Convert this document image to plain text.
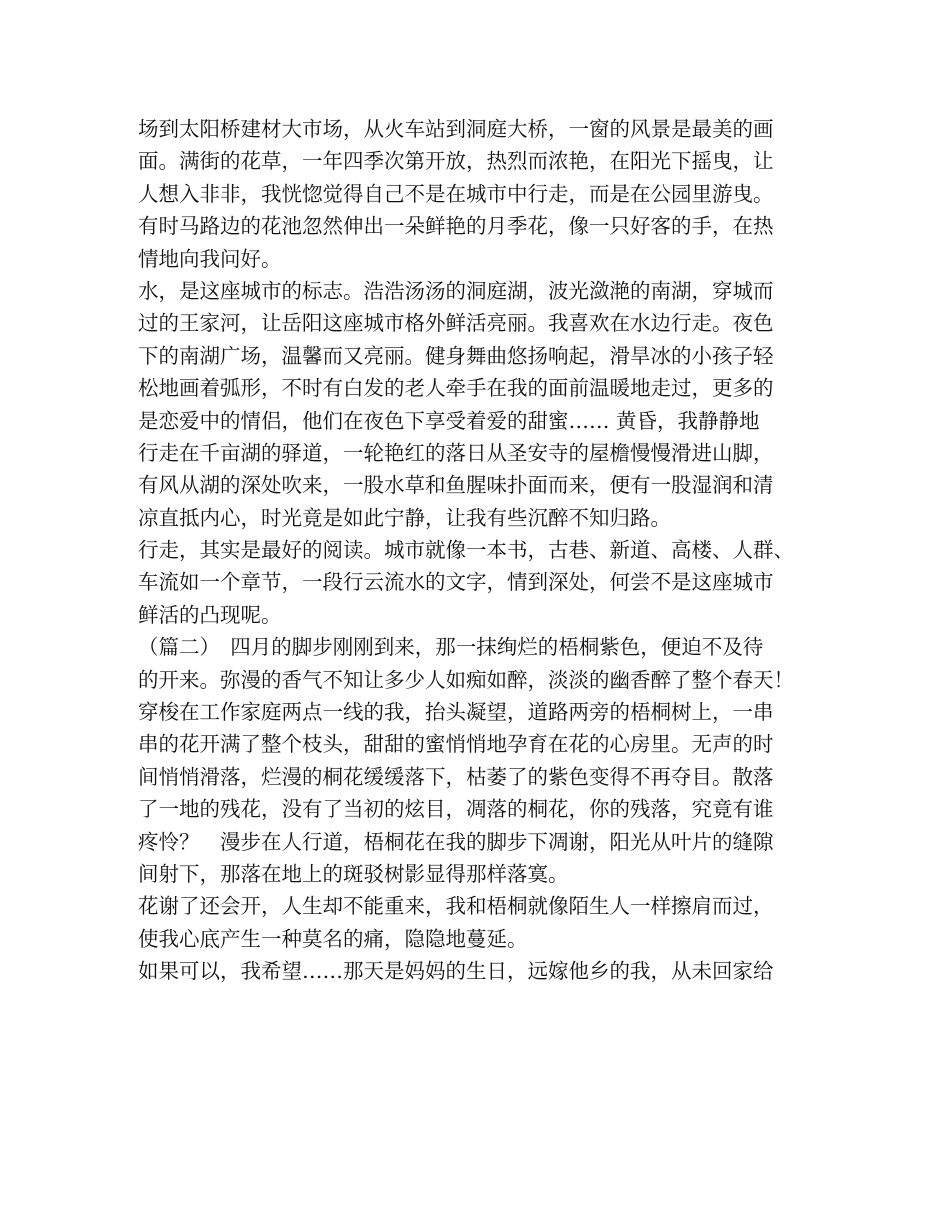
场到太阳桥建材大市场，从火车站到洞庭大桥，一窗的风景是最美的画
面。满街的花草，一年四季次第开放，热烈而浓艳，在阳光下摇曳，让
人想入非非，我恍惚觉得自己不是在城市中行走，而是在公园里游曳。
有时马路边的花池忽然伸出一朵鲜艳的月季花，像一只好客的手，在热
情地向我问好。
水，是这座城市的标志。浩浩汤汤的洞庭湖，波光潋滟的南湖，穿城而
过的王家河，让岳阳这座城市格外鲜活亮丽。我喜欢在水边行走。夜色
下的南湖广场，温馨而又亮丽。健身舞曲悠扬响起，滑旱冰的小孩子轻
松地画着弧形，不时有白发的老人牵手在我的面前温暖地走过，更多的
是恋爱中的情侣，他们在夜色下享受着爱的甜蜜…… 黄昏，我静静地
行走在千亩湖的驿道，一轮艳红的落日从圣安寺的屋檐慢慢滑进山脚，
有风从湖的深处吹来，一股水草和鱼腥味扑面而来，便有一股湿润和清
凉直抵内心，时光竟是如此宁静，让我有些沉醉不知归路。
行走，其实是最好的阅读。城市就像一本书，古巷、新道、高楼、人群、
车流如一个章节，一段行云流水的文字，情到深处，何尝不是这座城市
鲜活的凸现呢。
（篇二）　四月的脚步刚刚到来，那一抹绚烂的梧桐紫色，便迫不及待
的开来。弥漫的香气不知让多少人如痴如醉，淡淡的幽香醉了整个春天！
穿梭在工作家庭两点一线的我，抬头凝望，道路两旁的梧桐树上，一串
串的花开满了整个枝头，甜甜的蜜悄悄地孕育在花的心房里。无声的时
间悄悄滑落，烂漫的桐花缓缓落下，枯萎了的紫色变得不再夺目。散落
了一地的残花，没有了当初的炫目，凋落的桐花，你的残落，究竟有谁
疼怜？　漫步在人行道，梧桐花在我的脚步下凋谢，阳光从叶片的缝隙
间射下，那落在地上的斑驳树影显得那样落寞。
花谢了还会开，人生却不能重来，我和梧桐就像陌生人一样擦肩而过，
使我心底产生一种莫名的痛，隐隐地蔓延。
如果可以，我希望……那天是妈妈的生日，远嫁他乡的我，从未回家给
